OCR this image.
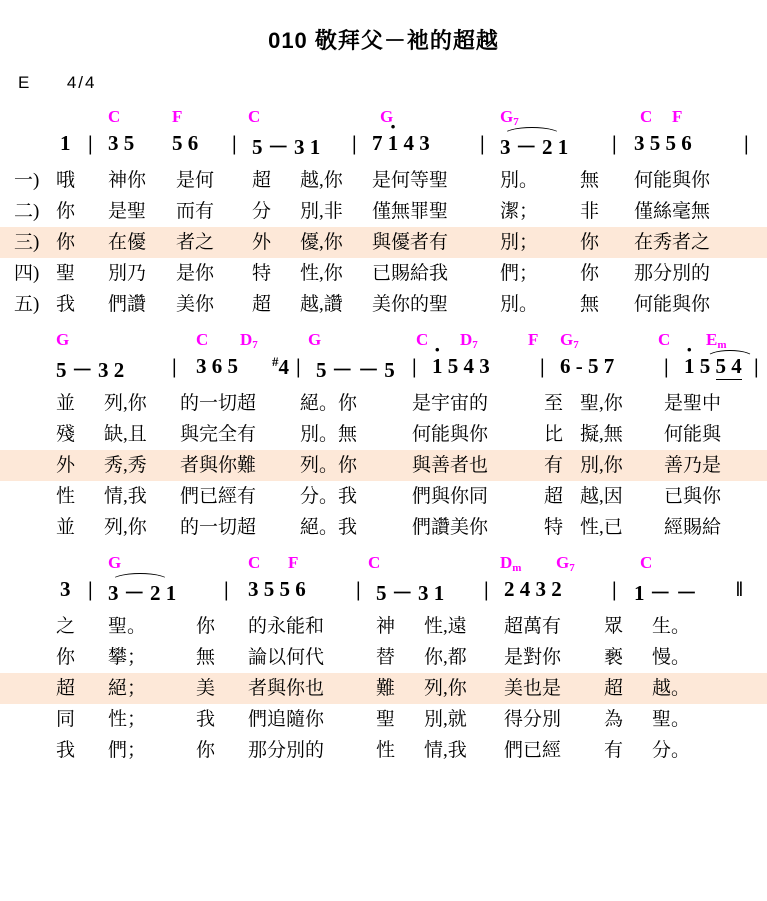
010 敬拜父－祂的超越
E 4/4
C	F	C	G	$G_7$	C F
1 | 3 5 5 6 | 5 － 3 1 | 7 · 1 4 3 | 3 － 2 1 | 3 5 5 6 |
一) 哦 神你 是何 超 越,你 是何等聖	別。 無 何能與你
二) 你 是聖 而有 分 別,非 僅無罪聖	潔； 非 僅絲毫無
三) 你 在優 者之 外 優,你 與優者有	別； 你 在秀者之
四) 聖 別乃 是你 特 性,你 已賜給我	們； 你 那分別的
五) 我 們讚 美你 超 越,讚 美你的聖	別。 無 何能與你
G	C $D_7$	G	C $D_7$	F $G_7$	C $E_m$
5 － 3 2 | 3 6 5	#4 | 5 － － 5 | · 1 5 4 3 | 6 - 5 7 | · 1 5 5 4 |
並 列,你 的一切超 絕。你	是宇宙的	至 聖,你 是聖中
殘 缺,且 與完全有 別。無	何能與你	比 擬,無 何能與
外 秀,秀 者與你難 列。你	與善者也	有 別,你 善乃是
性 情,我 們已經有 分。我	們與你同	超 越,因 已與你
並 列,你 的一切超 絕。我	們讚美你	特 性,已 經賜給
G	C F	C	$D_m$ $G_7$	C
3 | 3 － 2 1 | 3 5 5 6 | 5 － 3 1 | 2 4 3 2 | 1 － － ‖
之 聖。	你 的永能和	神 性,遠 超萬有 眾 生。
你 攀；	無 論以何代	替 你,都 是對你 褻 慢。
超 絕；	美 者與你也	難 列,你 美也是 超 越。
同 性；	我 們追隨你	聖 別,就 得分別 為 聖。
我 們；	你 那分別的	性 情,我 們已經 有 分。
